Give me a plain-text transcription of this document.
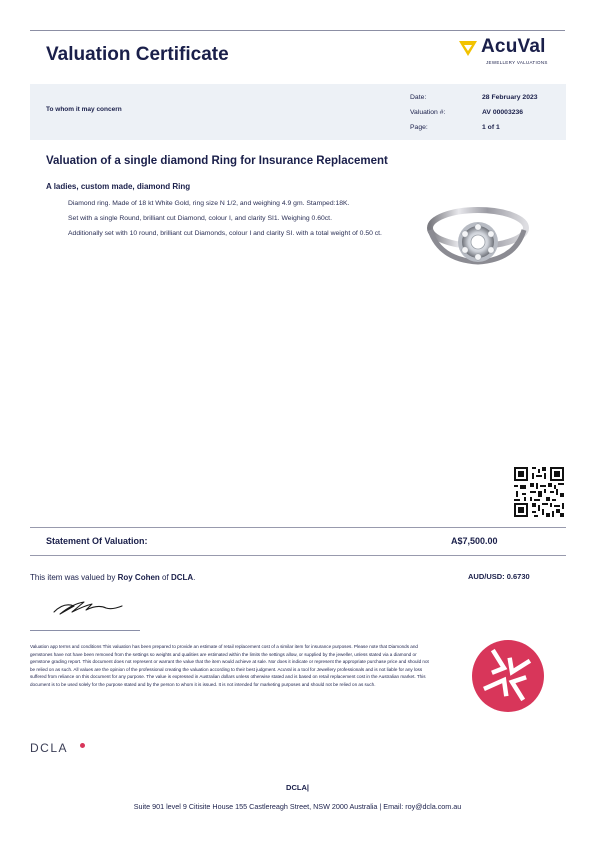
Valuation Certificate	AcuVal
JEWELLERY VALUATIONS
To whom it may concern
Date:	28 February 2023
Valuation #:	AV 00003236
Page:	1 of 1
Valuation of a single diamond Ring for Insurance Replacement
A ladies, custom made, diamond Ring

Diamond ring. Made of 18 kt White Gold, ring size N 1/2, and weighing 4.9 gm. Stamped:18K.

Set with a single Round, brilliant cut Diamond, colour I, and clarity SI1. Weighing 0.60ct.

Additionally set with 10 round, brilliant cut Diamonds, colour I and clarity SI. with a total weight of 0.50 ct.

Statement Of Valuation:	A$7,500.00
This item was valued by Roy Cohen of DCLA.	AUD/USD: 0.6730
Valuation app terms and conditions This valuation has been prepared to provide an estimate of retail replacement cost of a similar item for insurance purposes. Please note that Diamonds and gemstones have not have been removed from the settings so weights and qualities are estimated within the limits the settings allow, or supplied by the jeweller, unless stated via a diamond or gemstone grading report. This document does not represent or warrant the value that the item would achieve at sale. Nor does it indicate or represent the appropriate purchase price and should not be relied on as such. All values are the opinion of the professional creating the valuation according to their best judgment. AcuVal is a tool for Jewellery professionals and is not liable for any loss suffered from reliance on this document for any purpose. The value is expressed in Australian dollars unless otherwise stated and is based on retail replacement cost in the Australian market. This document is to be used solely for the purpose stated and by the person to whom it is issued. It is not intended for marketing purposes and should not be relied on as such.
DCLA
DCLA|
Suite 901 level 9 Citisite House 155 Castlereagh Street, NSW 2000 Australia | Email: roy@dcla.com.au
